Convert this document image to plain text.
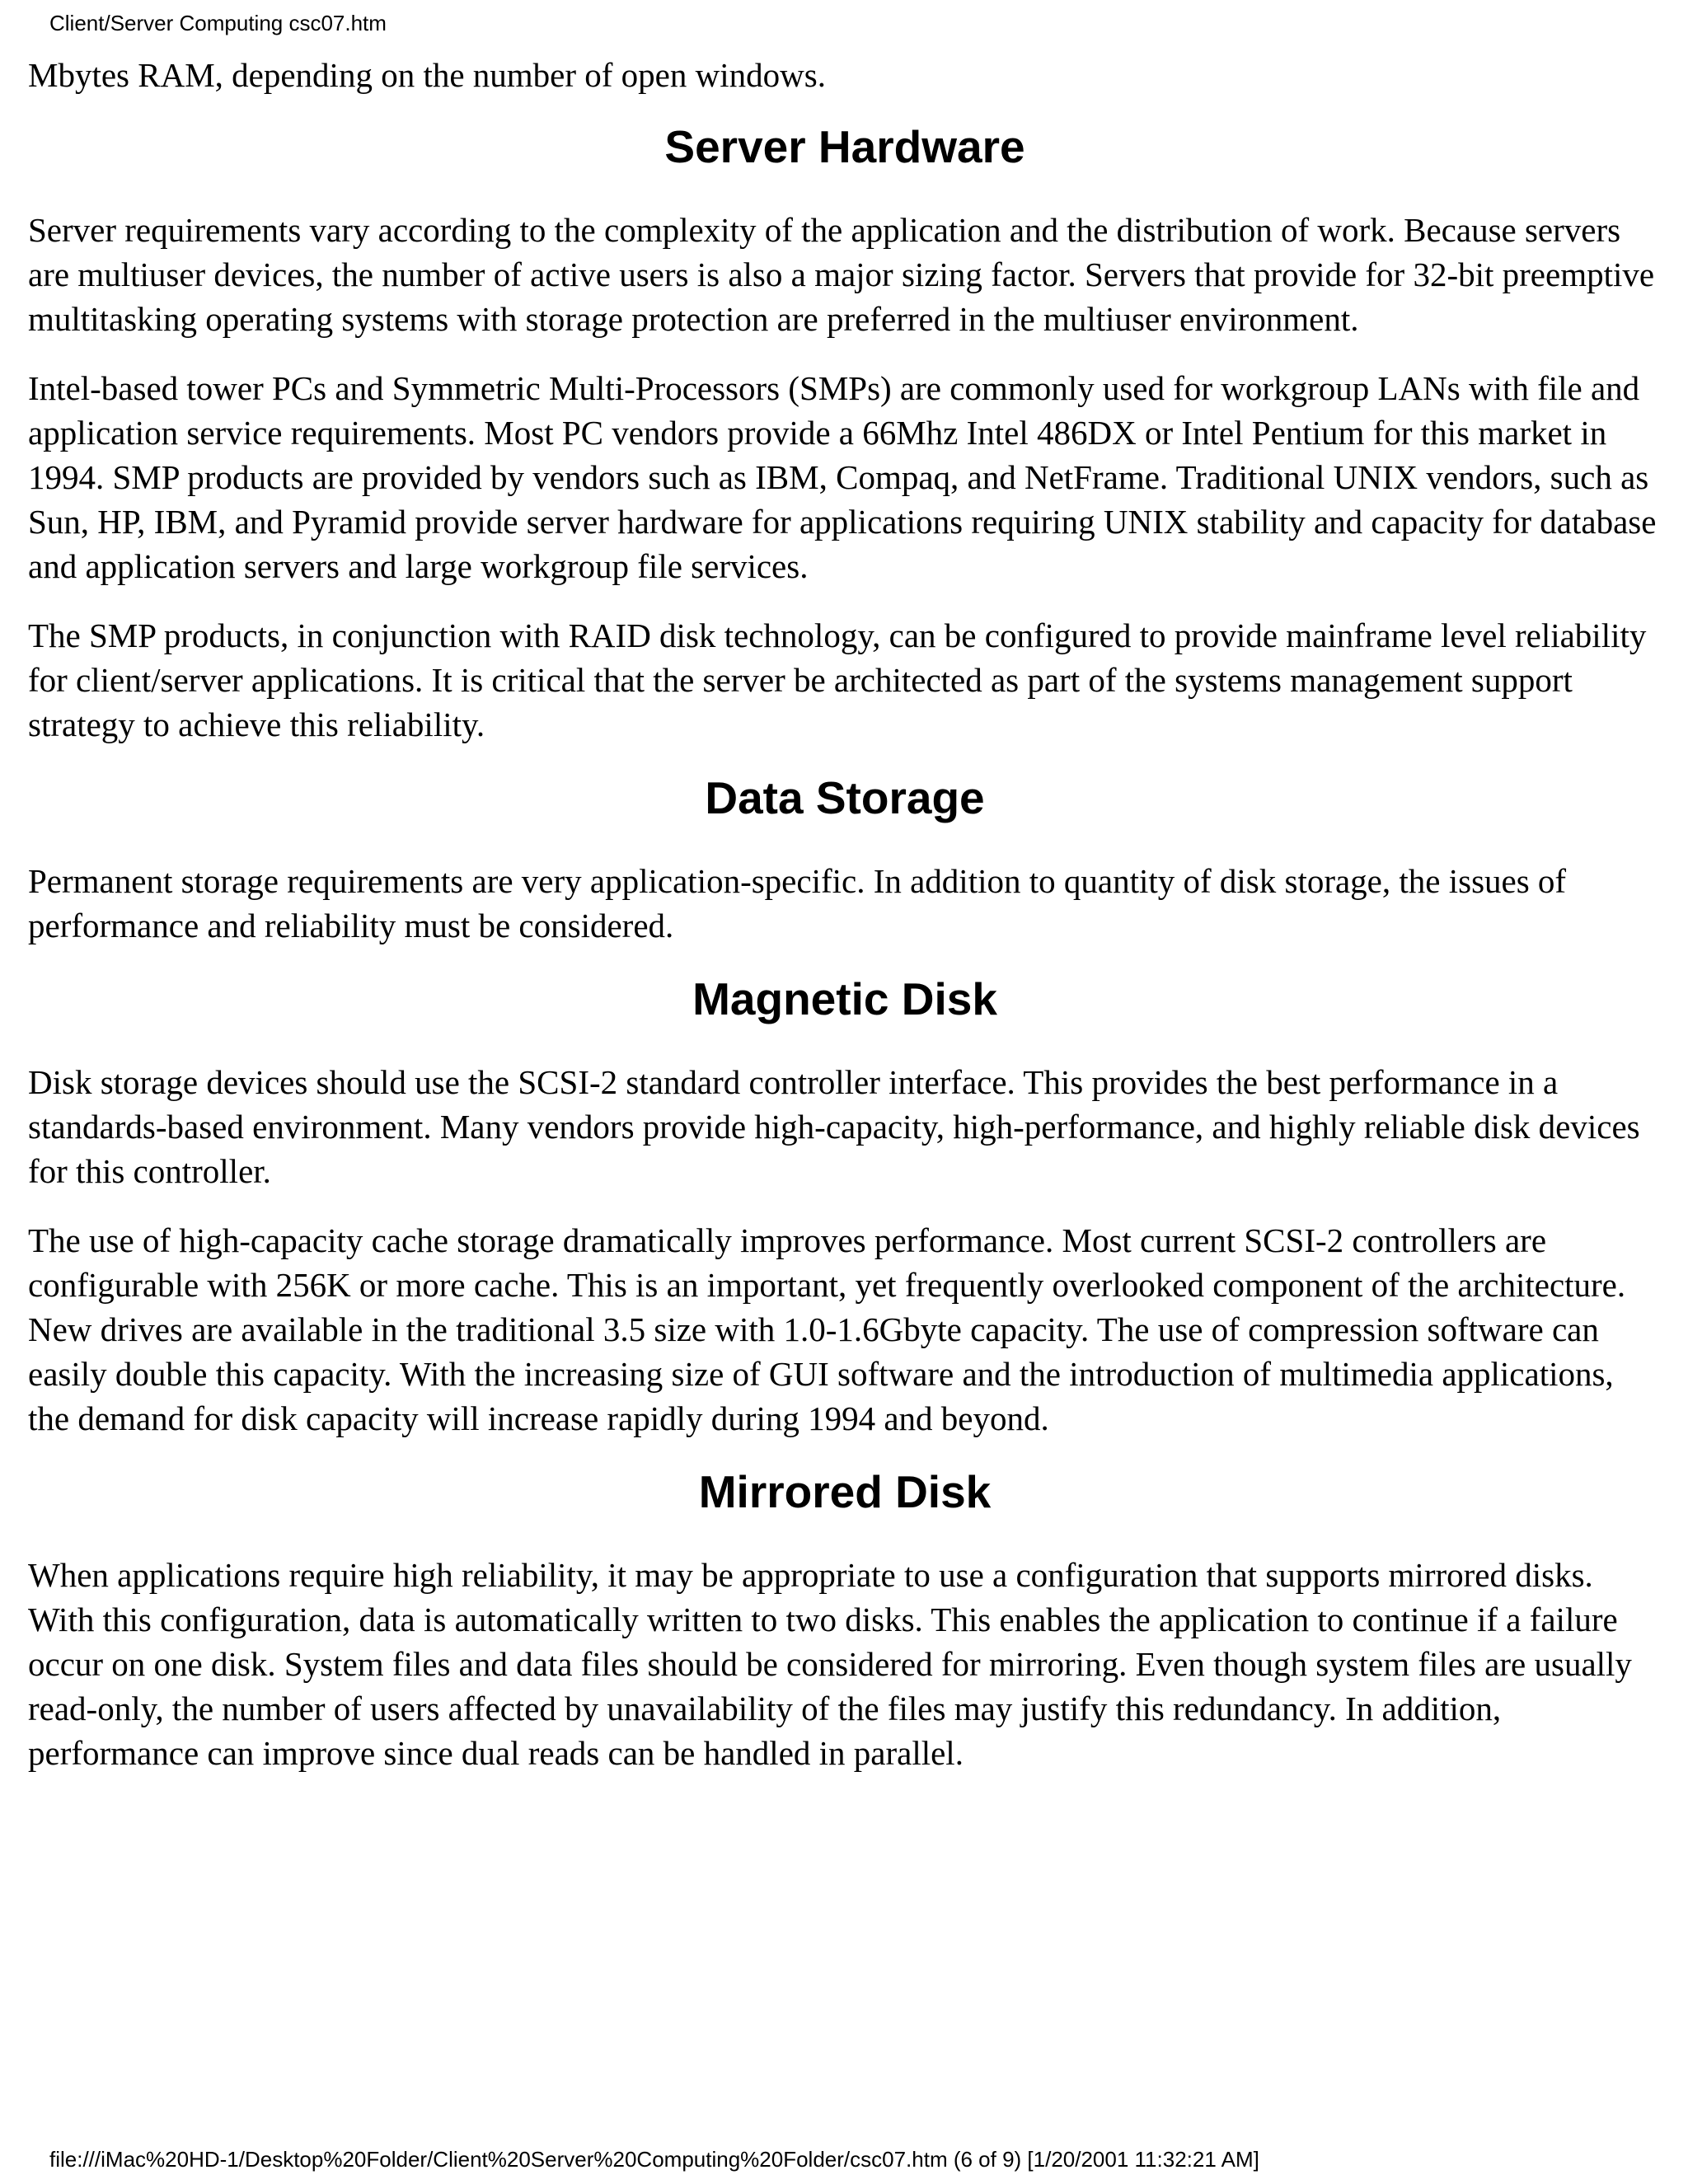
Client/Server Computing csc07.htm

Mbytes RAM, depending on the number of open windows.

Server Hardware

Server requirements vary according to the complexity of the application and the distribution of work. Because servers are multiuser devices, the number of active users is also a major sizing factor. Servers that provide for 32-bit preemptive multitasking operating systems with storage protection are preferred in the multiuser environment.

Intel-based tower PCs and Symmetric Multi-Processors (SMPs) are commonly used for workgroup LANs with file and application service requirements. Most PC vendors provide a 66Mhz Intel 486DX or Intel Pentium for this market in 1994. SMP products are provided by vendors such as IBM, Compaq, and NetFrame. Traditional UNIX vendors, such as Sun, HP, IBM, and Pyramid provide server hardware for applications requiring UNIX stability and capacity for database and application servers and large workgroup file services.

The SMP products, in conjunction with RAID disk technology, can be configured to provide mainframe level reliability for client/server applications. It is critical that the server be architected as part of the systems management support strategy to achieve this reliability.

Data Storage

Permanent storage requirements are very application-specific. In addition to quantity of disk storage, the issues of performance and reliability must be considered.

Magnetic Disk

Disk storage devices should use the SCSI-2 standard controller interface. This provides the best performance in a standards-based environment. Many vendors provide high-capacity, high-performance, and highly reliable disk devices for this controller.

The use of high-capacity cache storage dramatically improves performance. Most current SCSI-2 controllers are configurable with 256K or more cache. This is an important, yet frequently overlooked component of the architecture. New drives are available in the traditional 3.5 size with 1.0-1.6Gbyte capacity. The use of compression software can easily double this capacity. With the increasing size of GUI software and the introduction of multimedia applications, the demand for disk capacity will increase rapidly during 1994 and beyond.

Mirrored Disk

When applications require high reliability, it may be appropriate to use a configuration that supports mirrored disks. With this configuration, data is automatically written to two disks. This enables the application to continue if a failure occur on one disk. System files and data files should be considered for mirroring. Even though system files are usually read-only, the number of users affected by unavailability of the files may justify this redundancy. In addition, performance can improve since dual reads can be handled in parallel.

file:///iMac%20HD-1/Desktop%20Folder/Client%20Server%20Computing%20Folder/csc07.htm (6 of 9) [1/20/2001 11:32:21 AM]
